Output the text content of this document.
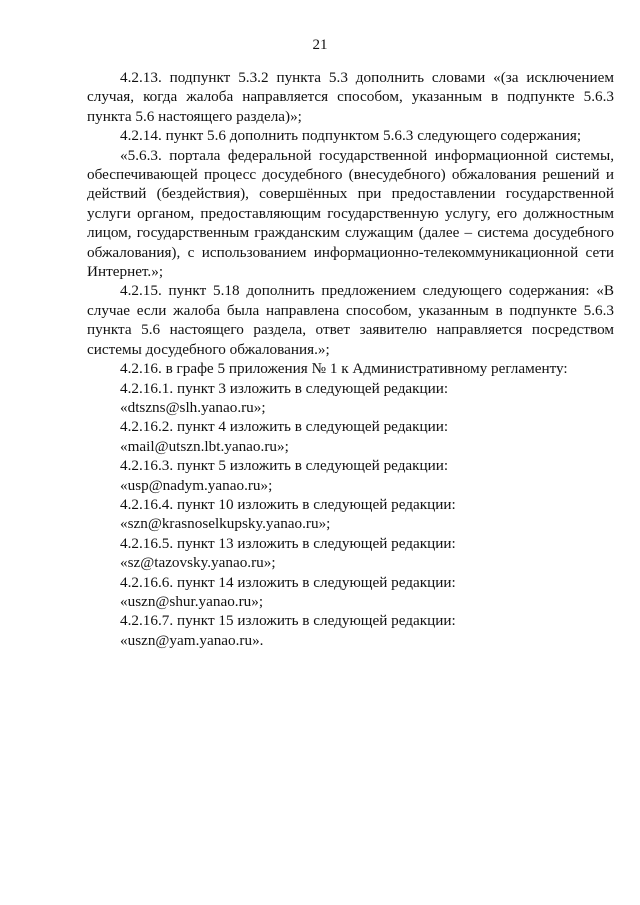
21

4.2.13. подпункт 5.3.2 пункта 5.3 дополнить словами «(за исключением случая, когда жалоба направляется способом, указанным в подпункте 5.6.3 пункта 5.6 настоящего раздела)»;

4.2.14. пункт 5.6 дополнить подпунктом 5.6.3 следующего содержания;

«5.6.3. портала федеральной государственной информационной системы, обеспечивающей процесс досудебного (внесудебного) обжалования решений и действий (бездействия), совершённых при предоставлении государственной услуги органом, предоставляющим государственную услугу, его должностным лицом, государственным гражданским служащим (далее – система досудебного обжалования), с использованием информационно-телекоммуникационной сети Интернет.»;

4.2.15. пункт 5.18 дополнить предложением следующего содержания: «В случае если жалоба была направлена способом, указанным в подпункте 5.6.3 пункта 5.6 настоящего раздела, ответ заявителю направляется посредством системы досудебного обжалования.»;

4.2.16. в графе 5 приложения № 1 к Административному регламенту:

4.2.16.1. пункт 3 изложить в следующей редакции:

«dtszns@slh.yanao.ru»;

4.2.16.2. пункт 4 изложить в следующей редакции:

«mail@utszn.lbt.yanao.ru»;

4.2.16.3. пункт 5 изложить в следующей редакции:

«usp@nadym.yanao.ru»;

4.2.16.4. пункт 10 изложить в следующей редакции:

«szn@krasnoselkupsky.yanao.ru»;

4.2.16.5. пункт 13 изложить в следующей редакции:

«sz@tazovsky.yanao.ru»;

4.2.16.6. пункт 14 изложить в следующей редакции:

«uszn@shur.yanao.ru»;

4.2.16.7. пункт 15 изложить в следующей редакции:

«uszn@yam.yanao.ru».
